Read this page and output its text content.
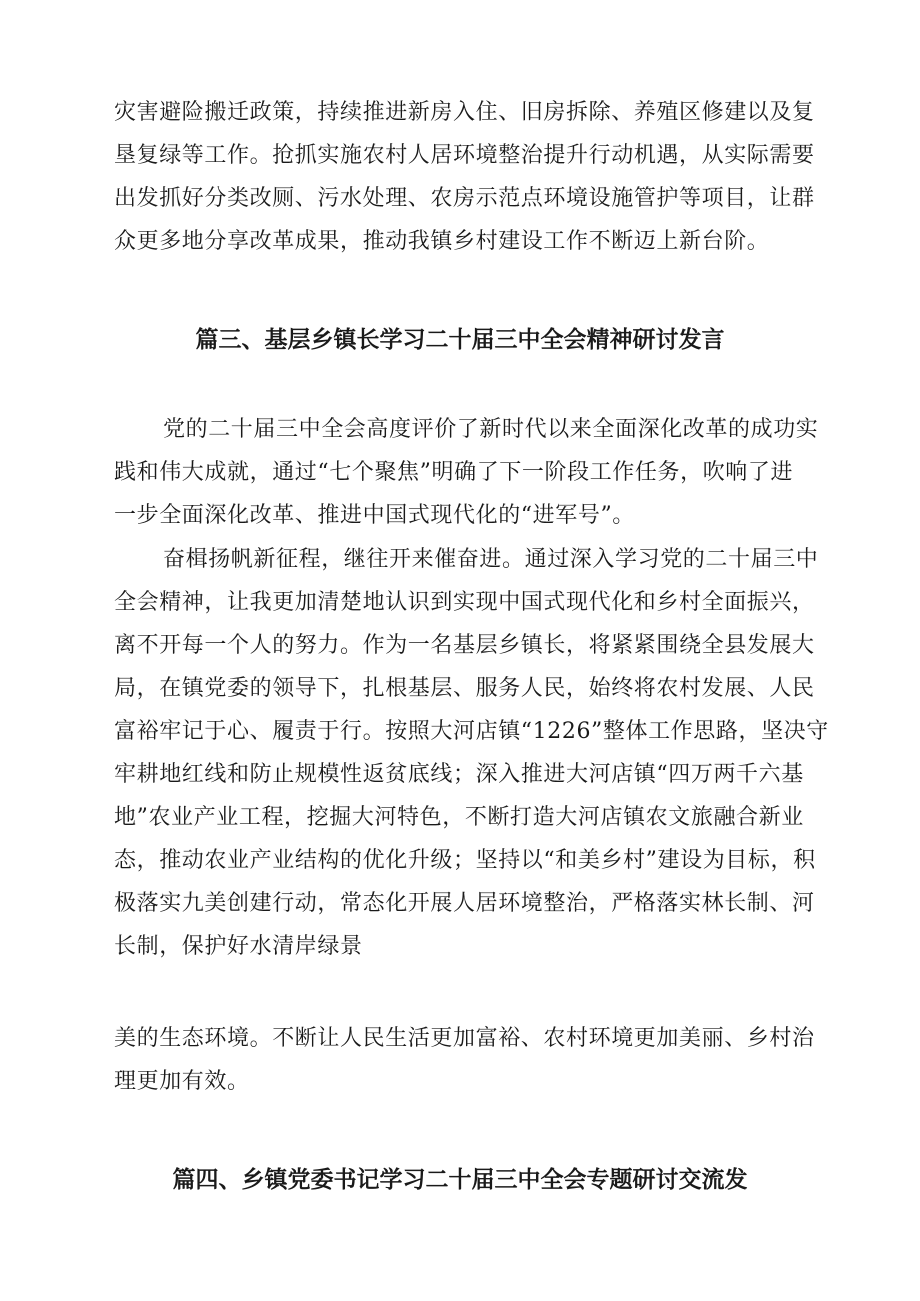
灾害避险搬迁政策，持续推进新房入住、旧房拆除、养殖区修建以及复
垦复绿等工作。抢抓实施农村人居环境整治提升行动机遇，从实际需要
出发抓好分类改厕、污水处理、农房示范点环境设施管护等项目，让群
众更多地分享改革成果，推动我镇乡村建设工作不断迈上新台阶。
篇三、基层乡镇长学习二十届三中全会精神研讨发言
党的二十届三中全会高度评价了新时代以来全面深化改革的成功实
践和伟大成就，通过“七个聚焦”明确了下一阶段工作任务，吹响了进
一步全面深化改革、推进中国式现代化的“进军号”。
奋楫扬帆新征程，继往开来催奋进。通过深入学习党的二十届三中
全会精神，让我更加清楚地认识到实现中国式现代化和乡村全面振兴，
离不开每一个人的努力。作为一名基层乡镇长，将紧紧围绕全县发展大
局，在镇党委的领导下，扎根基层、服务人民，始终将农村发展、人民
富裕牢记于心、履责于行。按照大河店镇“1226”整体工作思路，坚决守
牢耕地红线和防止规模性返贫底线；深入推进大河店镇“四万两千六基
地”农业产业工程，挖掘大河特色，不断打造大河店镇农文旅融合新业
态，推动农业产业结构的优化升级；坚持以“和美乡村”建设为目标，积
极落实九美创建行动，常态化开展人居环境整治，严格落实林长制、河
长制，保护好水清岸绿景
美的生态环境。不断让人民生活更加富裕、农村环境更加美丽、乡村治
理更加有效。
篇四、乡镇党委书记学习二十届三中全会专题研讨交流发
